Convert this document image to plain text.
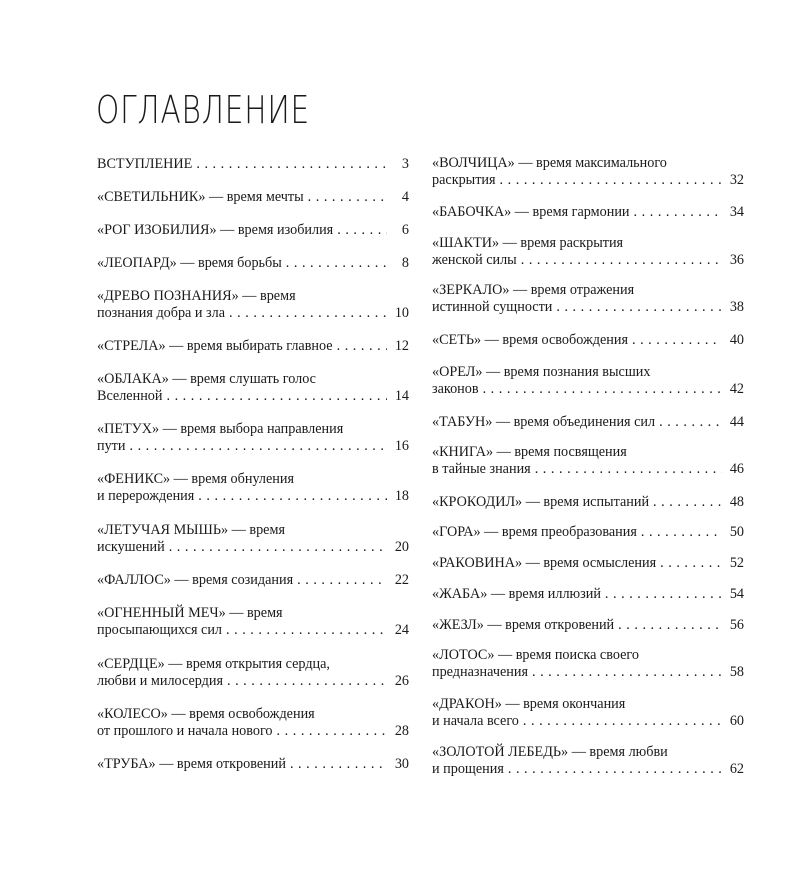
ОГЛАВЛЕНИЕ
ВСТУПЛЕНИЕ . . .	3
«СВЕТИЛЬНИК» — время мечты . . .	4
«РОГ ИЗОБИЛИЯ» — время изобилия . . .	6
«ЛЕОПАРД» — время борьбы . . .	8
«ДРЕВО ПОЗНАНИЯ» — время
познания добра и зла . . .	10
«СТРЕЛА» — время выбирать главное . . .	12
«ОБЛАКА» — время слушать голос
Вселенной . . .	14
«ПЕТУХ» — время выбора направления
пути . . .	16
«ФЕНИКС» — время обнуления
и перерождения . . .	18
«ЛЕТУЧАЯ МЫШЬ» — время
искушений . . .	20
«ФАЛЛОС» — время созидания . . .	22
«ОГНЕННЫЙ МЕЧ» — время
просыпающихся сил . . .	24
«СЕРДЦЕ» — время открытия сердца,
любви и милосердия . . .	26
«КОЛЕСО» — время освобождения
от прошлого и начала нового . . .	28
«ТРУБА» — время откровений . . .	30
«ВОЛЧИЦА» — время максимального
раскрытия . . .	32
«БАБОЧКА» — время гармонии . . .	34
«ШАКТИ» — время раскрытия
женской силы . . .	36
«ЗЕРКАЛО» — время отражения
истинной сущности . . .	38
«СЕТЬ» — время освобождения . . .	40
«ОРЕЛ» — время познания высших
законов . . .	42
«ТАБУН» — время объединения сил . . .	44
«КНИГА» — время посвящения
в тайные знания . . .	46
«КРОКОДИЛ» — время испытаний . . .	48
«ГОРА» — время преобразования . . .	50
«РАКОВИНА» — время осмысления . . .	52
«ЖАБА» — время иллюзий . . .	54
«ЖЕЗЛ» — время откровений . . .	56
«ЛОТОС» — время поиска своего
предназначения . . .	58
«ДРАКОН» — время окончания
и начала всего . . .	60
«ЗОЛОТОЙ ЛЕБЕДЬ» — время любви
и прощения . . .	62
